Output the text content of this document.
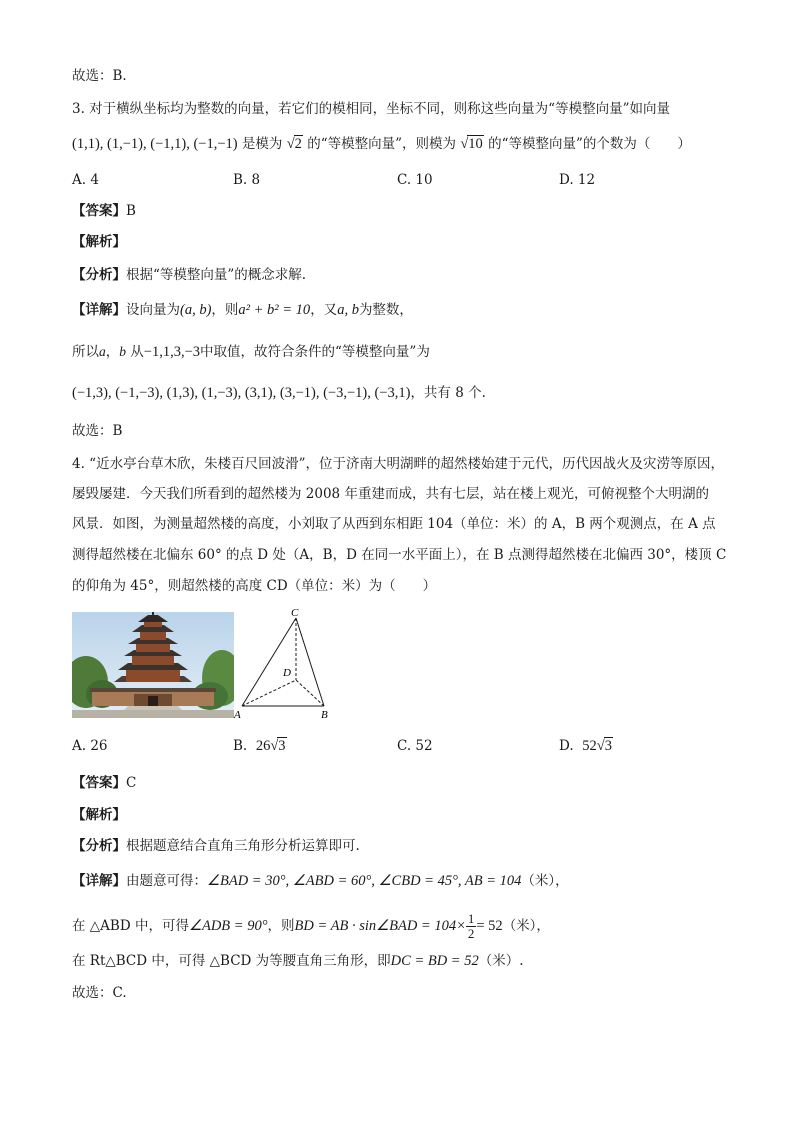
故选：B.
3. 对于横纵坐标均为整数的向量，若它们的模相同，坐标不同，则称这些向量为“等模整向量”如向量
(1,1), (1,−1), (−1,1), (−1,−1) 是模为 √2 的“等模整向量”，则模为 √10 的“等模整向量”的个数为（　　）
A. 4	B. 8	C. 10	D. 12
【答案】B
【解析】
【分析】根据“等模整向量”的概念求解.
【详解】设向量为(a, b)，则a² + b² = 10，又a, b为整数，
所以a，b 从−1,1,3,−3中取值，故符合条件的“等模整向量”为
(−1,3), (−1,−3), (1,3), (1,−3), (3,1), (3,−1), (−3,−1), (−3,1)，共有 8 个.
故选：B
4. “近水亭台草木欣，朱楼百尺回波滑”，位于济南大明湖畔的超然楼始建于元代，历代因战火及灾涝等原因，
屡毁屡建．今天我们所看到的超然楼为 2008 年重建而成，共有七层，站在楼上观光，可俯视整个大明湖的
风景．如图，为测量超然楼的高度，小刘取了从西到东相距 104（单位：米）的 A，B 两个观测点，在 A 点
测得超然楼在北偏东 60° 的点 D 处（A，B，D 在同一水平面上），在 B 点测得超然楼在北偏西 30°，楼顶 C
的仰角为 45°，则超然楼的高度 CD（单位：米）为（　　）
C
D
A	B
A. 26	B. 26√3	C. 52	D. 52√3
【答案】C
【解析】
【分析】根据题意结合直角三角形分析运算即可.
【详解】由题意可得：∠BAD = 30°, ∠ABD = 60°, ∠CBD = 45°, AB = 104（米），
在 △ABD 中，可得∠ADB = 90°，则BD = AB · sin∠BAD = $104\times \frac{1}{2} = 52$（米），
在 Rt△BCD 中，可得 △BCD 为等腰直角三角形，即DC = BD = 52（米）.
故选：C.
